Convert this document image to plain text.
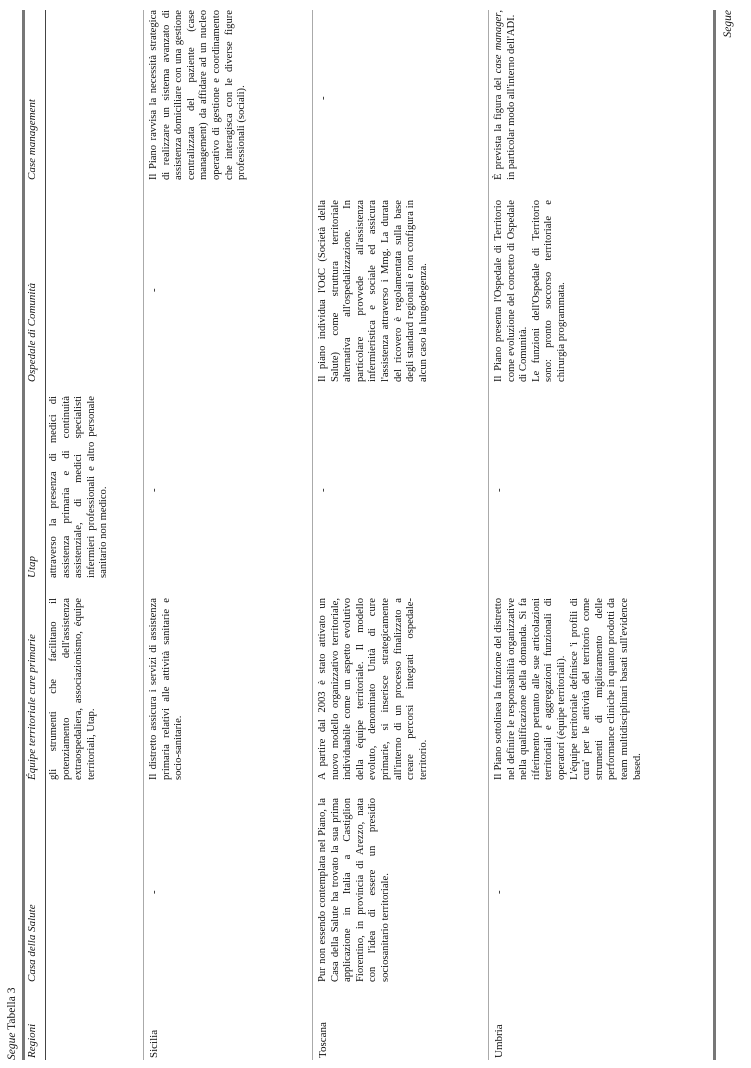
Segue Tabella 3
Regioni
Casa della Salute
Équipe territoriale cure primarie
Utap
Ospedale di Comunità
Case management
gli strumenti che facilitano il potenziamento dell'assistenza extraospedaliera, associazionismo, équipe territoriali, Utap.
attraverso la presenza di medici di assistenza primaria e di continuità assistenziale, di medici specialisti infermieri professionali e altro personale sanitario non medico.
Sicilia
-
Il distretto assicura i servizi di assistenza primaria relativi alle attività sanitarie e socio-sanitarie.
-
-
Il Piano ravvisa la necessità strategica di realizzare un sistema avanzato di assistenza domiciliare con una gestione centralizzata del paziente (case management) da affidare ad un nucleo operativo di gestione e coordinamento che interagisca con le diverse figure professionali (sociali).
Toscana
Pur non essendo contemplata nel Piano, la Casa della Salute ha trovato la sua prima applicazione in Italia a Castiglion Fiorentino, in provincia di Arezzo, nata con l'idea di essere un presidio sociosanitario territoriale.
A partire dal 2003 è stato attivato un nuovo modello organizzativo territoriale, individuabile come un aspetto evolutivo della équipe territoriale. Il modello evoluto, denominato Unità di cure primarie, si inserisce strategicamente all'interno di un processo finalizzato a creare percorsi integrati ospedale-territorio.
-
Il piano individua l'OdC (Società della Salute) come struttura territoriale alternativa all'ospedalizzazione. In particolare provvede all'assistenza infermieristica e sociale ed assicura l'assistenza attraverso i Mmg. La durata del ricovero è regolamentata sulla base degli standard regionali e non configura in alcun caso la lungodegenza.
-
Umbria
-
Il Piano sottolinea la funzione del distretto nel definire le responsabilità organizzative nella qualificazione della domanda. Si fa riferimento pertanto alle sue articolazioni territoriali e aggregazioni funzionali di operatori (équipe territoriali).
L'équipe territoriale definisce 'i profili di cura' per le attività del territorio come strumenti di miglioramento delle performance cliniche in quanto prodotti da team multidisciplinari basati sull'evidence based.
-
Il Piano presenta l'Ospedale di Territorio come evoluzione del concetto di Ospedale di Comunità.
Le funzioni dell'Ospedale di Territorio sono: pronto soccorso territoriale e chirurgia programmata.
È prevista la figura del case manager, in particolar modo all'interno dell'ADI.	Segue
